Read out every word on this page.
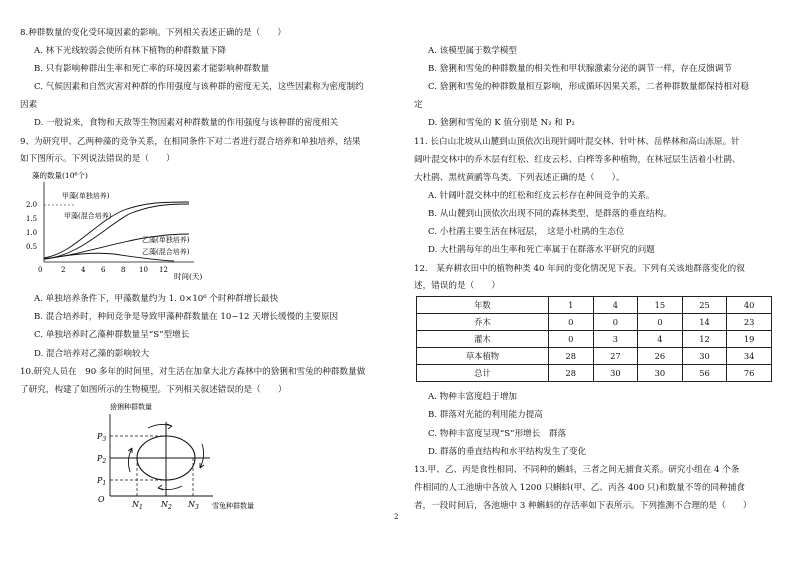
8.种群数量的变化受环境因素的影响。下列相关表述正确的是（　　）
A. 林下光线较弱会使所有林下植物的种群数量下降
B. 只有影响种群出生率和死亡率的环境因素才能影响种群数量
C. 气候因素和自然灾害对种群的作用强度与该种群的密度无关，这些因素称为密度制约
因素
D. 一般说来，食物和天敌等生物因素对种群数量的作用强度与该种群的密度相关
9、为研究甲、乙两种藻的竞争关系，在相同条件下对二者进行混合培养和单独培养，结果
如下图所示。下列说法错误的是（　　）
藻的数量(10⁶个)
2.0
1.5
1.0
0.5
0	2 4 6 8 10 12
时间(天)
甲藻(单独培养)
甲藻(混合培养)
乙藻(单独培养)
乙藻(混合培养)
A. 单独培养条件下，甲藻数量约为 1. 0×10⁶ 个时种群增长最快
B. 混合培养时，种间竞争是导致甲藻种群数量在 10~12 天增长缓慢的主要原因
C. 单独培养时乙藻种群数量呈“S”型增长
D. 混合培养对乙藻的影响较大
10.研究人员在　90 多年的时间里，对生活在加拿大北方森林中的猞猁和雪兔的种群数量做
了研究，构建了如图所示的生物模型。下列相关叙述错误的是（　　）
猞猁种群数量
O
$P_3$
$P_2$
$P_1$
$N_1$ $N_2$ $N_3$ 雪兔种群数量
A. 该模型属于数学模型
B. 猞猁和雪兔的种群数量的相关性和甲状腺激素分泌的调节一样，存在反馈调节
C. 猞猁和雪兔的种群数量相互影响，形成循环因果关系，二者种群数量都保持相对稳
定
D. 猞猁和雪兔的 K 值分别是 N₂ 和 P₂
11. 长白山北坡从山麓到山顶依次出现针阔叶混交林、针叶林、岳桦林和高山冻原。针
阔叶混交林中的乔木层有红松、红皮云杉、白桦等多种植物，在林冠层生活着小杜鹃、
大杜鹃、黑枕黄鹂等鸟类。下列表述正确的是（　　）。
A. 针阔叶混交林中的红松和红皮云杉存在种间竞争的关系。
B. 从山麓到山顶依次出现不同的森林类型，是群落的垂直结构。
C. 小杜鹃主要生活在林冠层，　这是小杜鹃的生态位
D. 大杜鹃每年的出生率和死亡率属于在群落水平研究的问题
12.　某弃耕农田中的植物种类 40 年间的变化情况见下表。下列有关该地群落变化的叙
述，错误的是（　　）
A. 物种丰富度趋于增加
B. 群落对光能的利用能力提高
C. 物种丰富度呈现“S”形增长　群落
D. 群落的垂直结构和水平结构发生了变化
13.甲、乙、丙是食性相同、不同种的蝌蚪，三者之间无捕食关系。研究小组在 4 个条
件相同的人工池塘中各放入 1200 只蝌蚪(甲、乙、丙各 400 只)和数量不等的同种捕食
者，一段时间后，各池塘中 3 种蝌蚪的存活率如下表所示。下列推测不合理的是（　　）
年数	1	4	15	25	40
乔木	0	0	0	14	23
灌木	0	3	4	12	19
草本植物	28	27	26	30	34
总计	28	30	30	56	76
2
